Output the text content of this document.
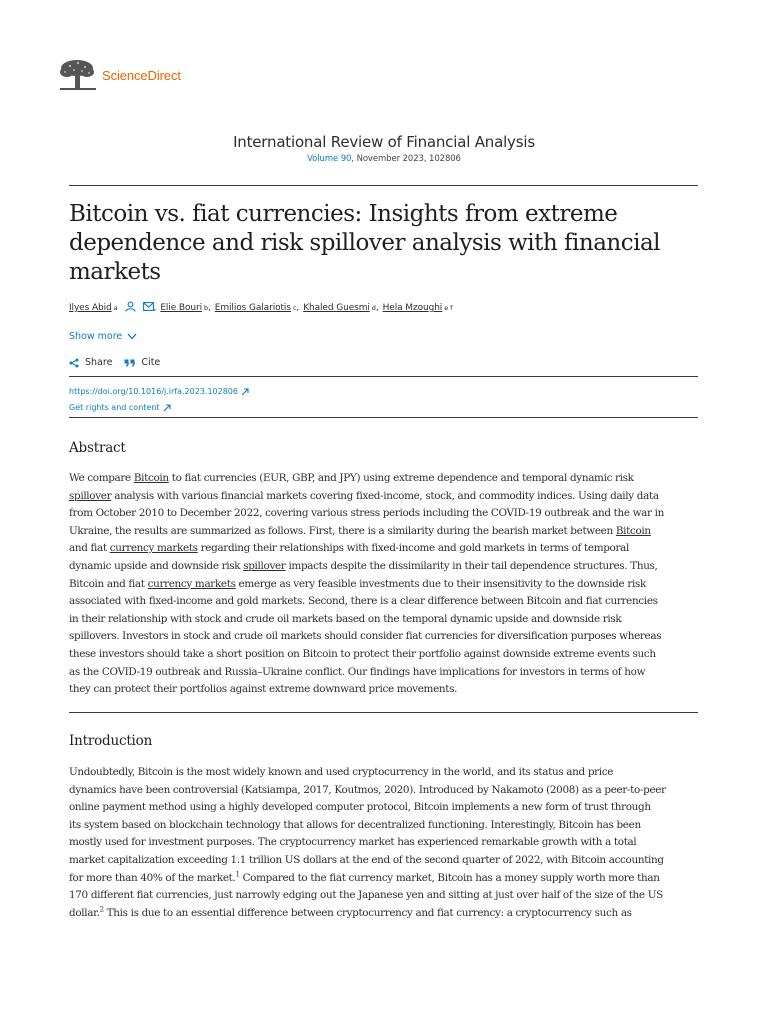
ScienceDirect
International Review of Financial Analysis
Volume 90, November 2023, 102806
Bitcoin vs. fiat currencies: Insights from extreme dependence and risk spillover analysis with financial markets
Ilyes Abid a	, Elie Bouri b , Emilios Galariotis c , Khaled Guesmi d , Hela Mzoughi e f
Show more
Share	Cite
https://doi.org/10.1016/j.irfa.2023.102806
Get rights and content
Abstract
We compare Bitcoin to fiat currencies (EUR, GBP, and JPY) using extreme dependence and temporal dynamic risk
spillover analysis with various financial markets covering fixed-income, stock, and commodity indices. Using daily data
from October 2010 to December 2022, covering various stress periods including the COVID-19 outbreak and the war in
Ukraine, the results are summarized as follows. First, there is a similarity during the bearish market between Bitcoin
and fiat currency markets regarding their relationships with fixed-income and gold markets in terms of temporal
dynamic upside and downside risk spillover impacts despite the dissimilarity in their tail dependence structures. Thus,
Bitcoin and fiat currency markets emerge as very feasible investments due to their insensitivity to the downside risk
associated with fixed-income and gold markets. Second, there is a clear difference between Bitcoin and fiat currencies
in their relationship with stock and crude oil markets based on the temporal dynamic upside and downside risk
spillovers. Investors in stock and crude oil markets should consider fiat currencies for diversification purposes whereas
these investors should take a short position on Bitcoin to protect their portfolio against downside extreme events such
as the COVID-19 outbreak and Russia–Ukraine conflict. Our findings have implications for investors in terms of how
they can protect their portfolios against extreme downward price movements.
Introduction
Undoubtedly, Bitcoin is the most widely known and used cryptocurrency in the world, and its status and price
dynamics have been controversial (Katsiampa, 2017, Koutmos, 2020). Introduced by Nakamoto (2008) as a peer-to-peer
online payment method using a highly developed computer protocol, Bitcoin implements a new form of trust through
its system based on blockchain technology that allows for decentralized functioning. Interestingly, Bitcoin has been
mostly used for investment purposes. The cryptocurrency market has experienced remarkable growth with a total
market capitalization exceeding 1.1 trillion US dollars at the end of the second quarter of 2022, with Bitcoin accounting
for more than 40% of the market.$^1$ Compared to the fiat currency market, Bitcoin has a money supply worth more than
170 different fiat currencies, just narrowly edging out the Japanese yen and sitting at just over half of the size of the US
dollar.$^2$ This is due to an essential difference between cryptocurrency and fiat currency: a cryptocurrency such as
